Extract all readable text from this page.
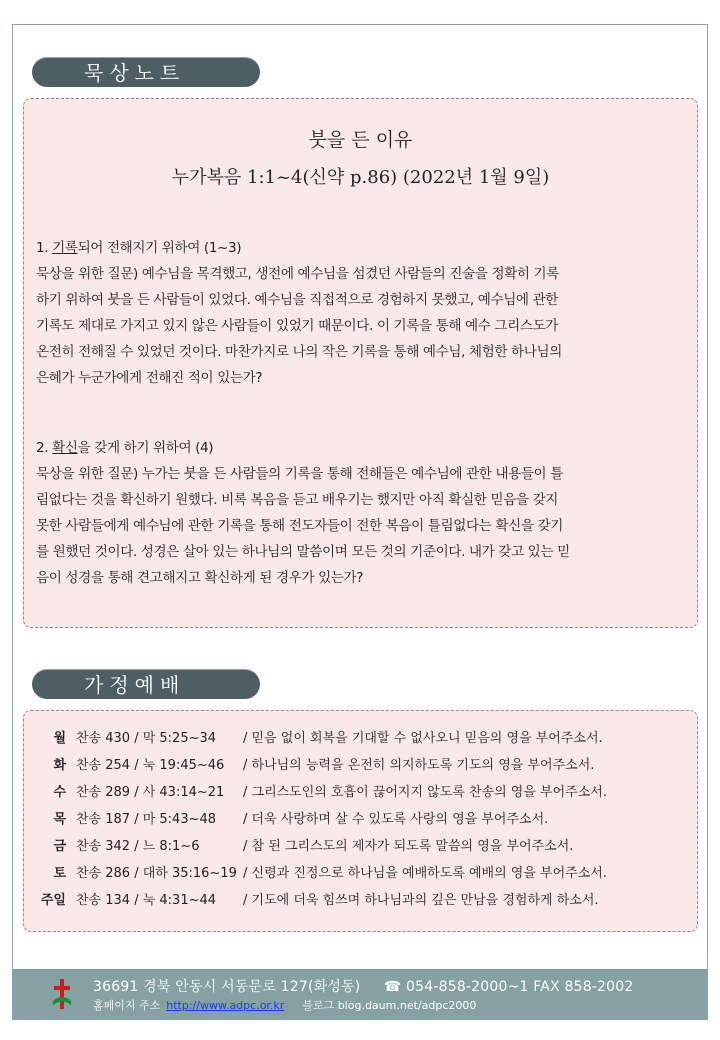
묵상노트
붓을 든 이유
누가복음 1:1~4(신약 p.86) (2022년 1월 9일)
1. 기록되어 전해지기 위하여 (1~3)
묵상을 위한 질문) 예수님을 목격했고, 생전에 예수님을 섬겼던 사람들의 진술을 정확히 기록
하기 위하여 붓을 든 사람들이 있었다. 예수님을 직접적으로 경험하지 못했고, 예수님에 관한
기록도 제대로 가지고 있지 않은 사람들이 있었기 때문이다. 이 기록을 통해 예수 그리스도가
온전히 전해질 수 있었던 것이다. 마찬가지로 나의 작은 기록을 통해 예수님, 체험한 하나님의
은혜가 누군가에게 전해진 적이 있는가?
2. 확신을 갖게 하기 위하여 (4)
묵상을 위한 질문) 누가는 붓을 든 사람들의 기록을 통해 전해들은 예수님에 관한 내용들이 틀
림없다는 것을 확신하기 원했다. 비록 복음을 듣고 배우기는 했지만 아직 확실한 믿음을 갖지
못한 사람들에게 예수님에 관한 기록을 통해 전도자들이 전한 복음이 틀림없다는 확신을 갖기
를 원했던 것이다. 성경은 살아 있는 하나님의 말씀이며 모든 것의 기준이다. 내가 갖고 있는 믿
음이 성경을 통해 견고해지고 확신하게 된 경우가 있는가?
가정예배
월 찬송 430 / 막 5:25~34 / 믿음 없이 회복을 기대할 수 없사오니 믿음의 영을 부어주소서.
화 찬송 254 / 눅 19:45~46 / 하나님의 능력을 온전히 의지하도록 기도의 영을 부어주소서.
수 찬송 289 / 사 43:14~21 / 그리스도인의 호흡이 끊어지지 않도록 찬송의 영을 부어주소서.
목 찬송 187 / 마 5:43~48 / 더욱 사랑하며 살 수 있도록 사랑의 영을 부어주소서.
금 찬송 342 / 느 8:1~6	/ 참 된 그리스도의 제자가 되도록 말씀의 영을 부어주소서.
토 찬송 286 / 대하 35:16~19 / 신령과 진정으로 하나님을 예배하도록 예배의 영을 부어주소서.
주일 찬송 134 / 눅 4:31~44 / 기도에 더욱 힘쓰며 하나님과의 깊은 만남을 경험하게 하소서.
36691 경북 안동시 서동문로 127(화성동) ☎ 054-858-2000~1 FAX 858-2002
홈페이지 주소 http://www.adpc.or.kr 블로그 blog.daum.net/adpc2000
